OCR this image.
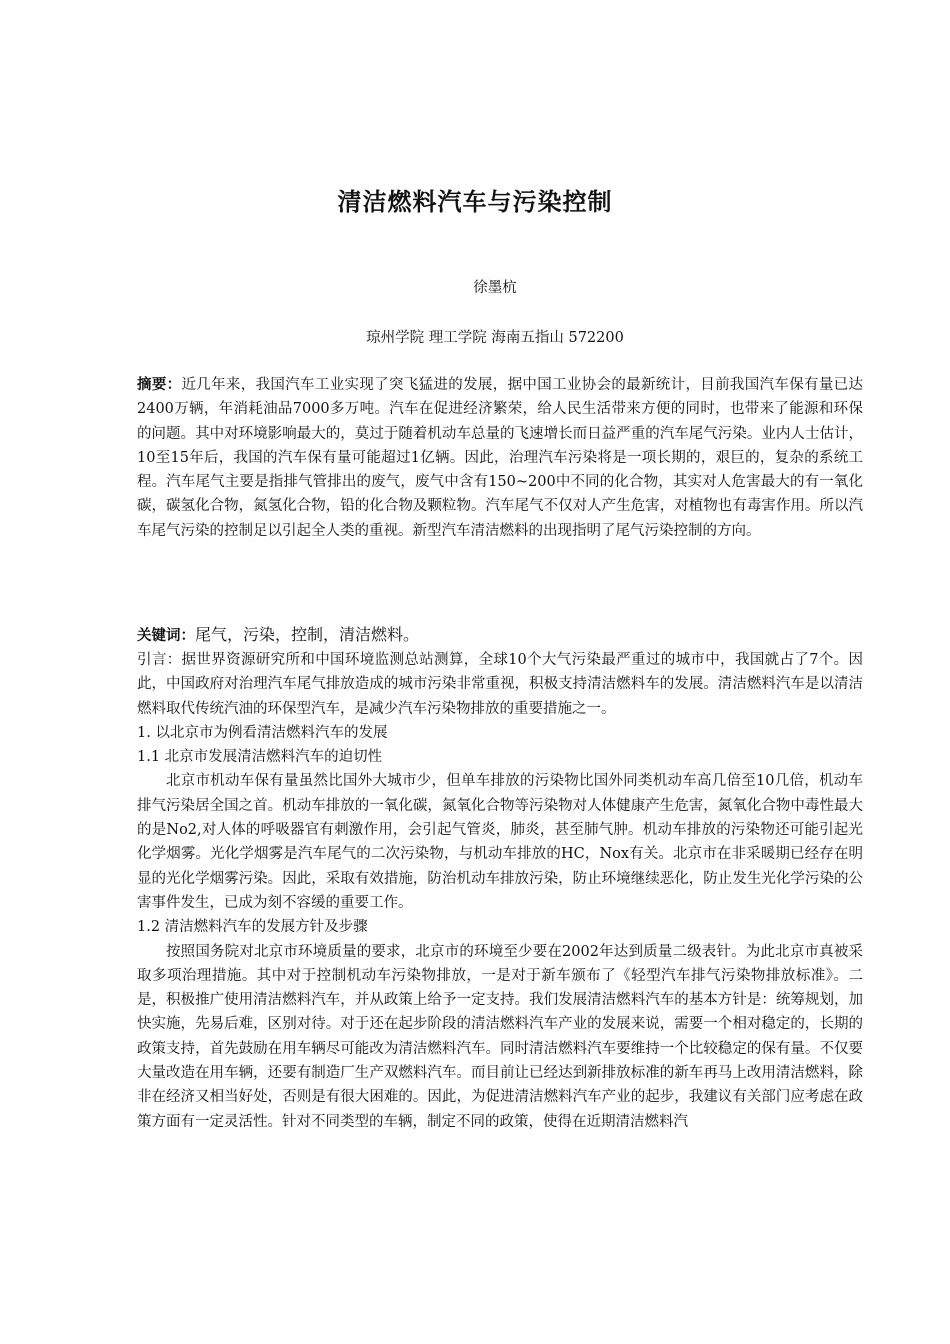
清洁燃料汽车与污染控制
徐墨杭
琼州学院 理工学院 海南五指山 572200

摘要：近几年来，我国汽车工业实现了突飞猛进的发展，据中国工业协会的最新统计，目前我国汽车保有量已达2400万辆，年消耗油品7000多万吨。汽车在促进经济繁荣，给人民生活带来方便的同时，也带来了能源和环保的问题。其中对环境影响最大的，莫过于随着机动车总量的飞速增长而日益严重的汽车尾气污染。业内人士估计，10至15年后，我国的汽车保有量可能超过1亿辆。因此，治理汽车污染将是一项长期的，艰巨的，复杂的系统工程。汽车尾气主要是指排气管排出的废气，废气中含有150~200中不同的化合物，其实对人危害最大的有一氧化碳，碳氢化合物，氮氢化合物，铅的化合物及颗粒物。汽车尾气不仅对人产生危害，对植物也有毒害作用。所以汽车尾气污染的控制足以引起全人类的重视。新型汽车清洁燃料的出现指明了尾气污染控制的方向。

关键词：尾气，污染，控制，清洁燃料。

引言：据世界资源研究所和中国环境监测总站测算，全球10个大气污染最严重过的城市中，我国就占了7个。因此，中国政府对治理汽车尾气排放造成的城市污染非常重视，积极支持清洁燃料车的发展。清洁燃料汽车是以清洁燃料取代传统汽油的环保型汽车，是减少汽车污染物排放的重要措施之一。

1. 以北京市为例看清洁燃料汽车的发展

1.1 北京市发展清洁燃料汽车的迫切性

北京市机动车保有量虽然比国外大城市少，但单车排放的污染物比国外同类机动车高几倍至10几倍，机动车排气污染居全国之首。机动车排放的一氧化碳，氮氧化合物等污染物对人体健康产生危害，氮氧化合物中毒性最大的是No2,对人体的呼吸器官有刺激作用，会引起气管炎，肺炎，甚至肺气肿。机动车排放的污染物还可能引起光化学烟雾。光化学烟雾是汽车尾气的二次污染物，与机动车排放的HC，Nox有关。北京市在非采暖期已经存在明显的光化学烟雾污染。因此，采取有效措施，防治机动车排放污染，防止环境继续恶化，防止发生光化学污染的公害事件发生，已成为刻不容缓的重要工作。

1.2 清洁燃料汽车的发展方针及步骤

按照国务院对北京市环境质量的要求，北京市的环境至少要在2002年达到质量二级表针。为此北京市真被采取多项治理措施。其中对于控制机动车污染物排放，一是对于新车颁布了《轻型汽车排气污染物排放标准》。二是，积极推广使用清洁燃料汽车，并从政策上给予一定支持。我们发展清洁燃料汽车的基本方针是：统筹规划，加快实施，先易后难，区别对待。对于还在起步阶段的清洁燃料汽车产业的发展来说，需要一个相对稳定的，长期的政策支持，首先鼓励在用车辆尽可能改为清洁燃料汽车。同时清洁燃料汽车要维持一个比较稳定的保有量。不仅要大量改造在用车辆，还要有制造厂生产双燃料汽车。而目前让已经达到新排放标准的新车再马上改用清洁燃料，除非在经济又相当好处，否则是有很大困难的。因此，为促进清洁燃料汽车产业的起步，我建议有关部门应考虑在政策方面有一定灵活性。针对不同类型的车辆，制定不同的政策，使得在近期清洁燃料汽
